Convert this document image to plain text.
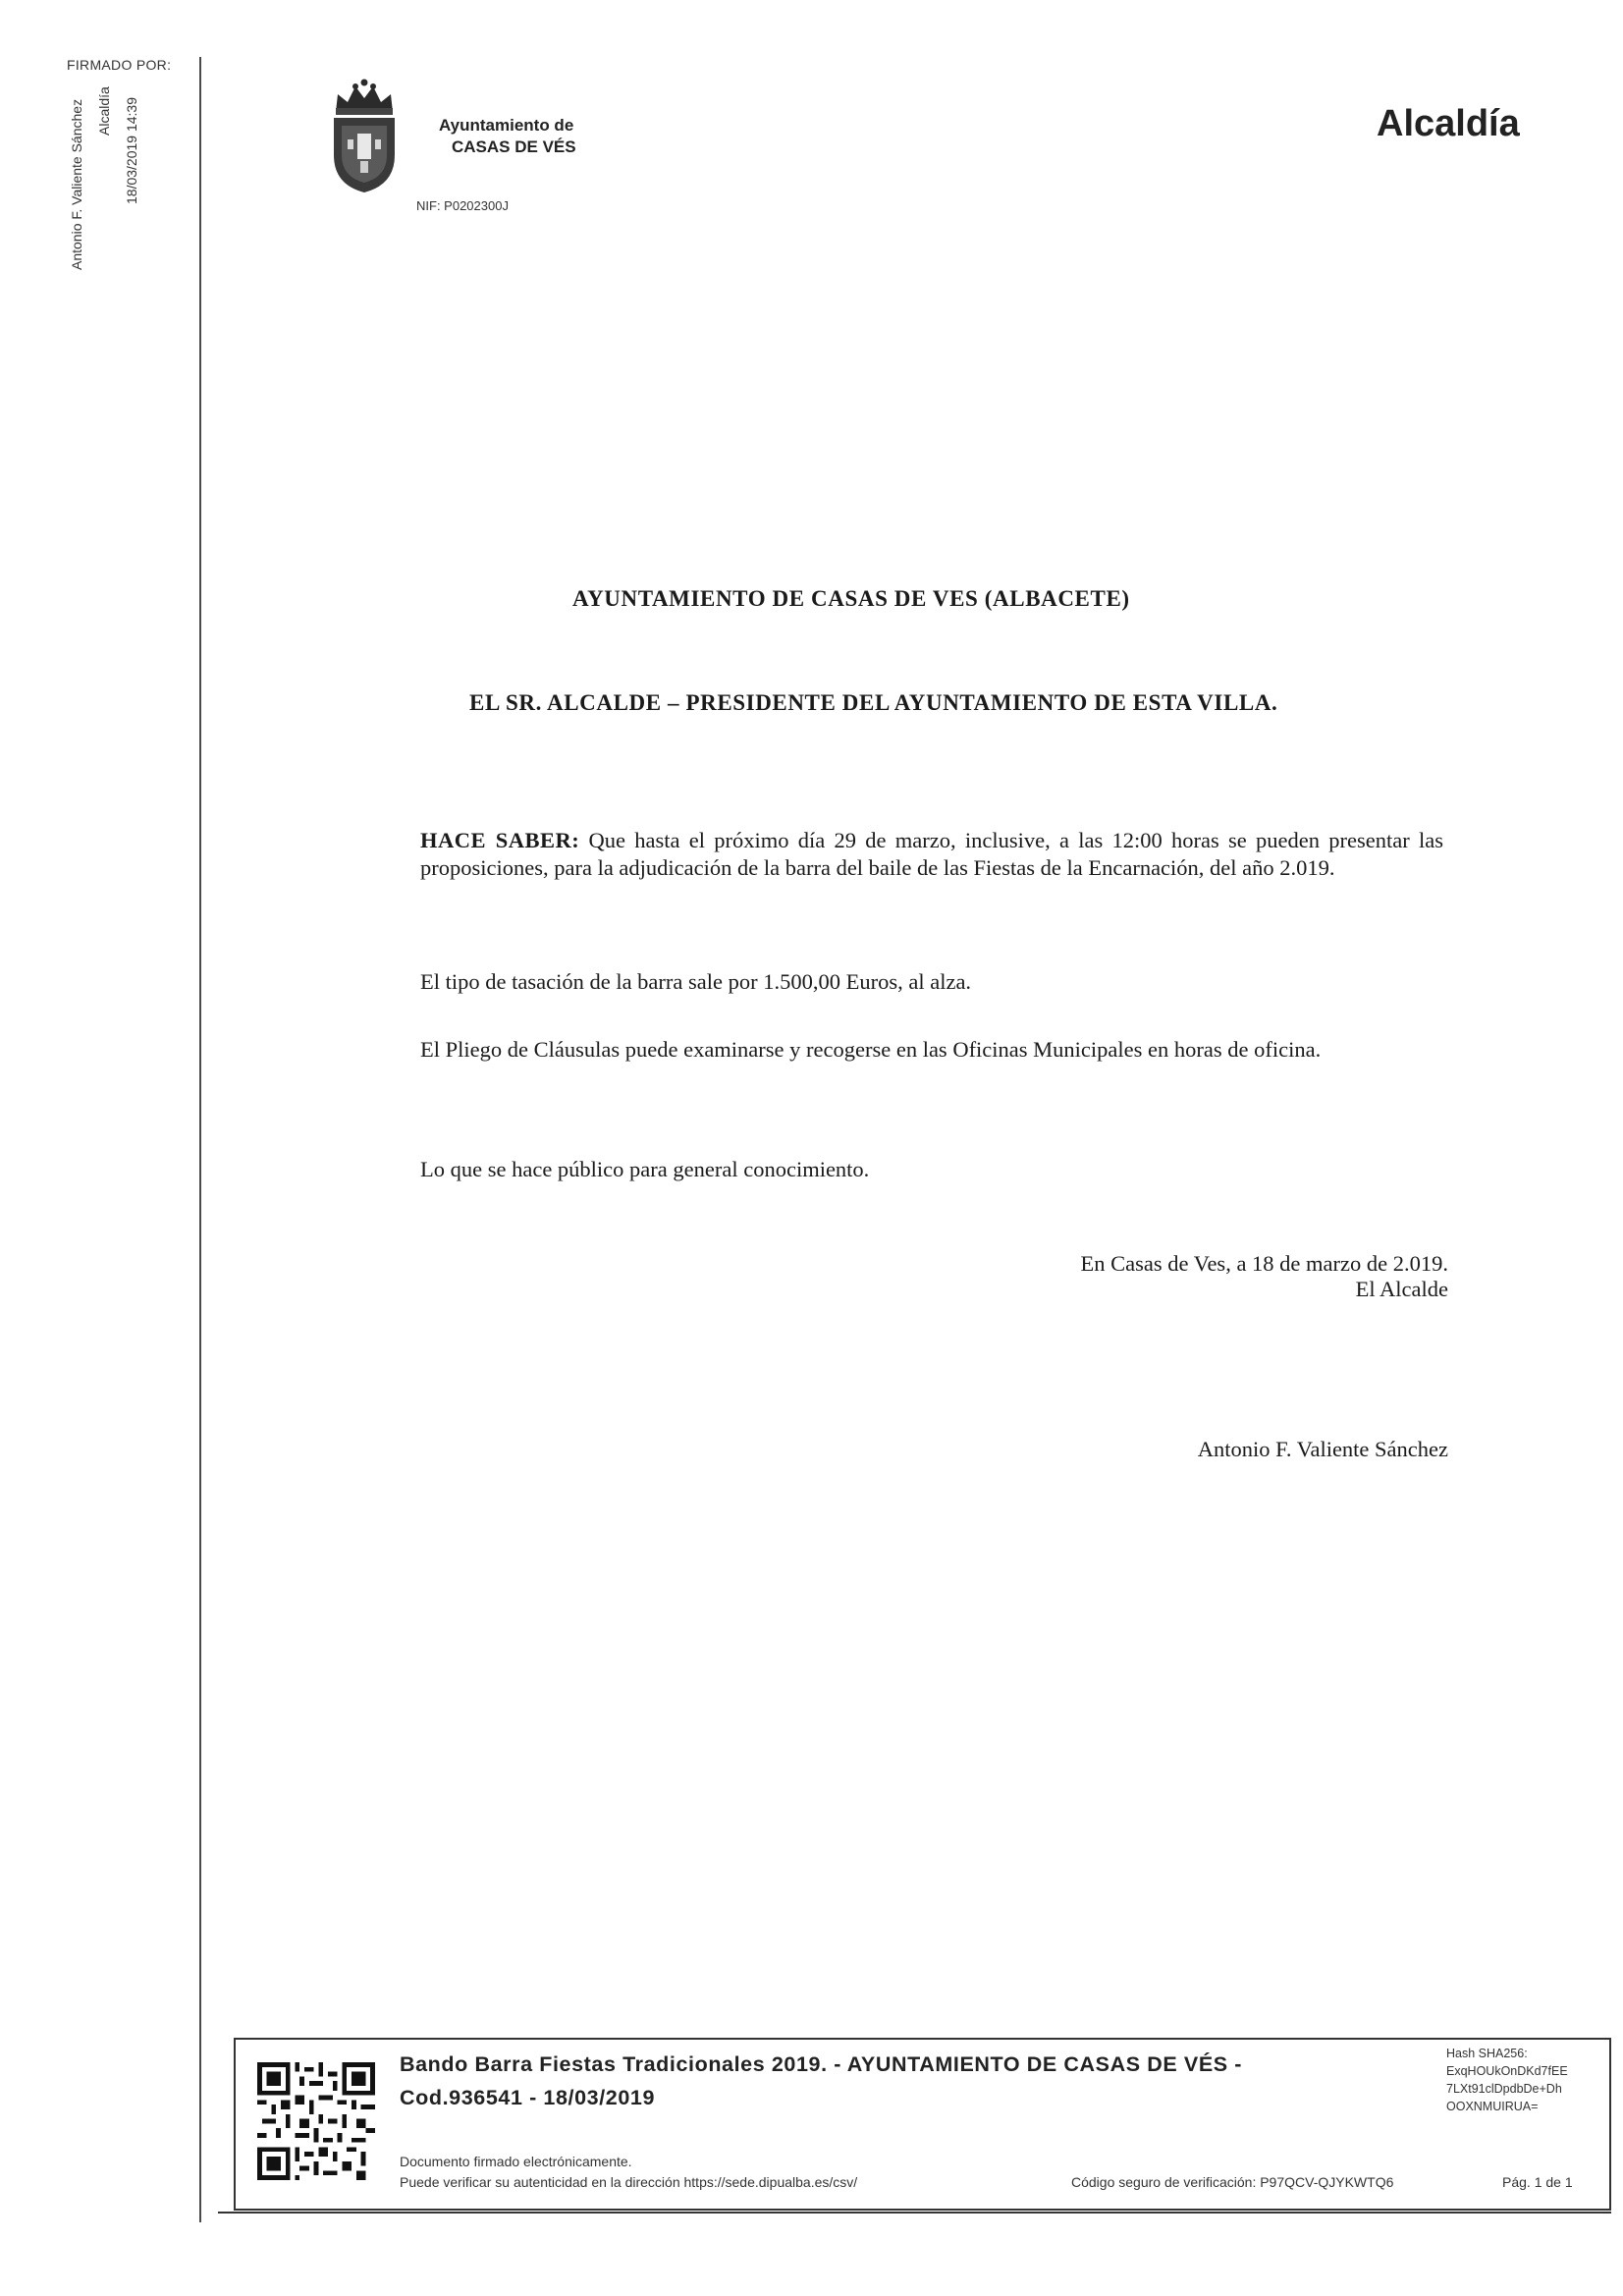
FIRMADO POR:
Antonio F. Valiente Sánchez Alcaldía 18/03/2019 14:39	Ayuntamiento de
CASAS DE VÉS
NIF: P0202300J
Alcaldía
AYUNTAMIENTO DE CASAS DE VES (ALBACETE)
EL SR. ALCALDE – PRESIDENTE DEL AYUNTAMIENTO DE ESTA VILLA.
HACE SABER: Que hasta el próximo día 29 de marzo, inclusive, a las 12:00 horas se pueden presentar las proposiciones, para la adjudicación de la barra del baile de las Fiestas de la Encarnación, del año 2.019.
El tipo de tasación de la barra sale por 1.500,00 Euros, al alza.
El Pliego de Cláusulas puede examinarse y recogerse en las Oficinas Municipales en horas de oficina.
Lo que se hace público para general conocimiento.
En Casas de Ves, a 18 de marzo de 2.019.
El Alcalde
Antonio F. Valiente Sánchez
Bando Barra Fiestas Tradicionales 2019. - AYUNTAMIENTO DE CASAS DE VÉS -
Cod.936541 - 18/03/2019
Documento firmado electrónicamente.
Puede verificar su autenticidad en la dirección https://sede.dipualba.es/csv/	Código seguro de verificación: P97QCV-QJYKWTQ6	Pág. 1 de 1
Hash SHA256:
ExqHOUkOnDKd7fEE
7LXt91clDpdbDe+Dh
OOXNMUIRUA=
